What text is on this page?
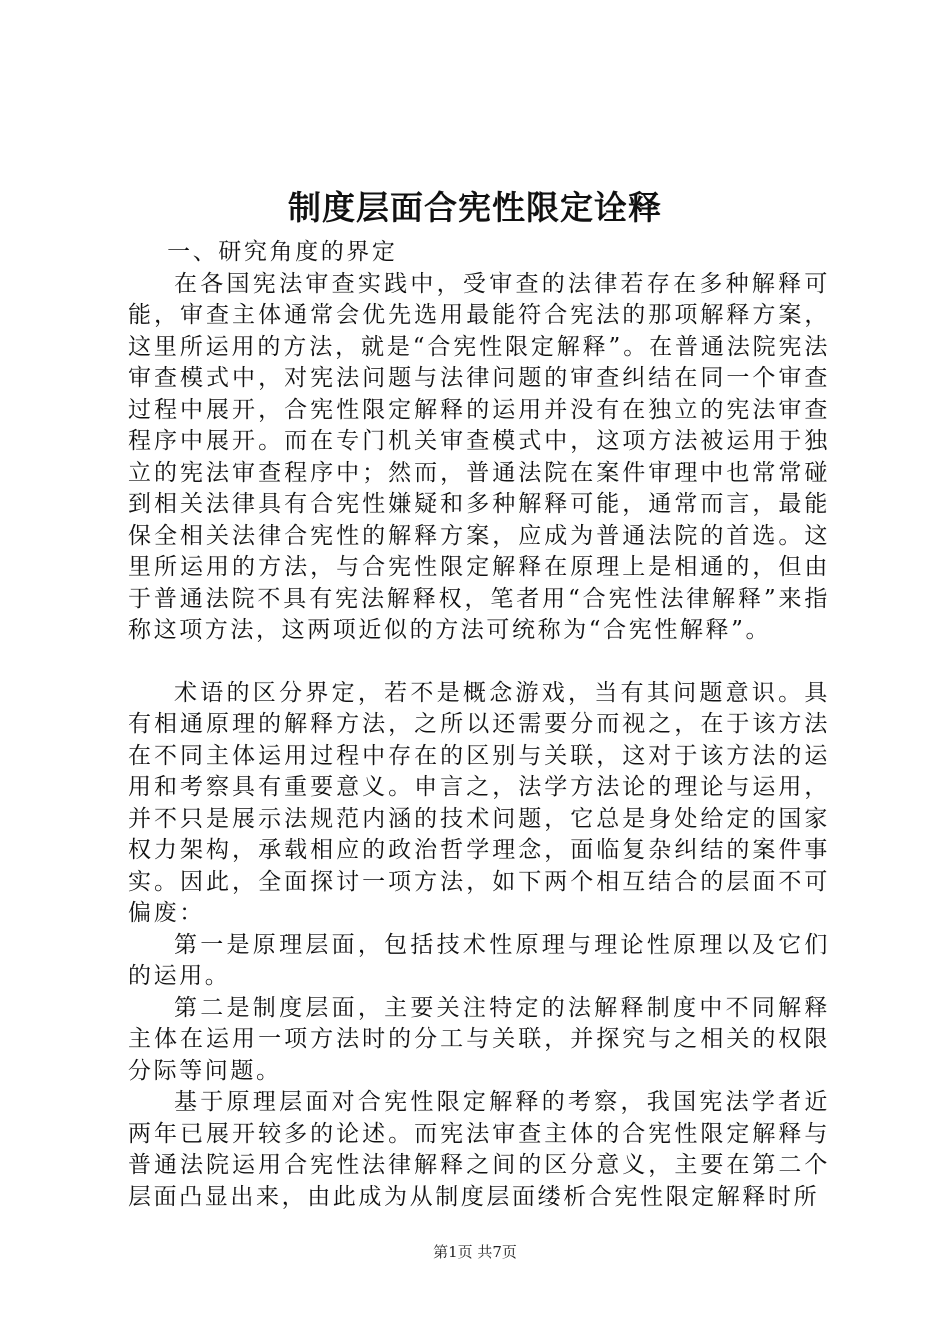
制度层面合宪性限定诠释

一、研究角度的界定

在各国宪法审查实践中，受审查的法律若存在多种解释可能，审查主体通常会优先选用最能符合宪法的那项解释方案，这里所运用的方法，就是“合宪性限定解释”。在普通法院宪法审查模式中，对宪法问题与法律问题的审查纠结在同一个审查过程中展开，合宪性限定解释的运用并没有在独立的宪法审查程序中展开。而在专门机关审查模式中，这项方法被运用于独立的宪法审查程序中；然而，普通法院在案件审理中也常常碰到相关法律具有合宪性嫌疑和多种解释可能，通常而言，最能保全相关法律合宪性的解释方案，应成为普通法院的首选。这里所运用的方法，与合宪性限定解释在原理上是相通的，但由于普通法院不具有宪法解释权，笔者用“合宪性法律解释”来指称这项方法，这两项近似的方法可统称为“合宪性解释”。

术语的区分界定，若不是概念游戏，当有其问题意识。具有相通原理的解释方法，之所以还需要分而视之，在于该方法在不同主体运用过程中存在的区别与关联，这对于该方法的运用和考察具有重要意义。申言之，法学方法论的理论与运用，并不只是展示法规范内涵的技术问题，它总是身处给定的国家权力架构，承载相应的政治哲学理念，面临复杂纠结的案件事实。因此，全面探讨一项方法，如下两个相互结合的层面不可偏废：

第一是原理层面，包括技术性原理与理论性原理以及它们的运用。

第二是制度层面，主要关注特定的法解释制度中不同解释主体在运用一项方法时的分工与关联，并探究与之相关的权限分际等问题。

基于原理层面对合宪性限定解释的考察，我国宪法学者近两年已展开较多的论述。而宪法审查主体的合宪性限定解释与普通法院运用合宪性法律解释之间的区分意义，主要在第二个层面凸显出来，由此成为从制度层面缕析合宪性限定解释时所

第1页 共7页
